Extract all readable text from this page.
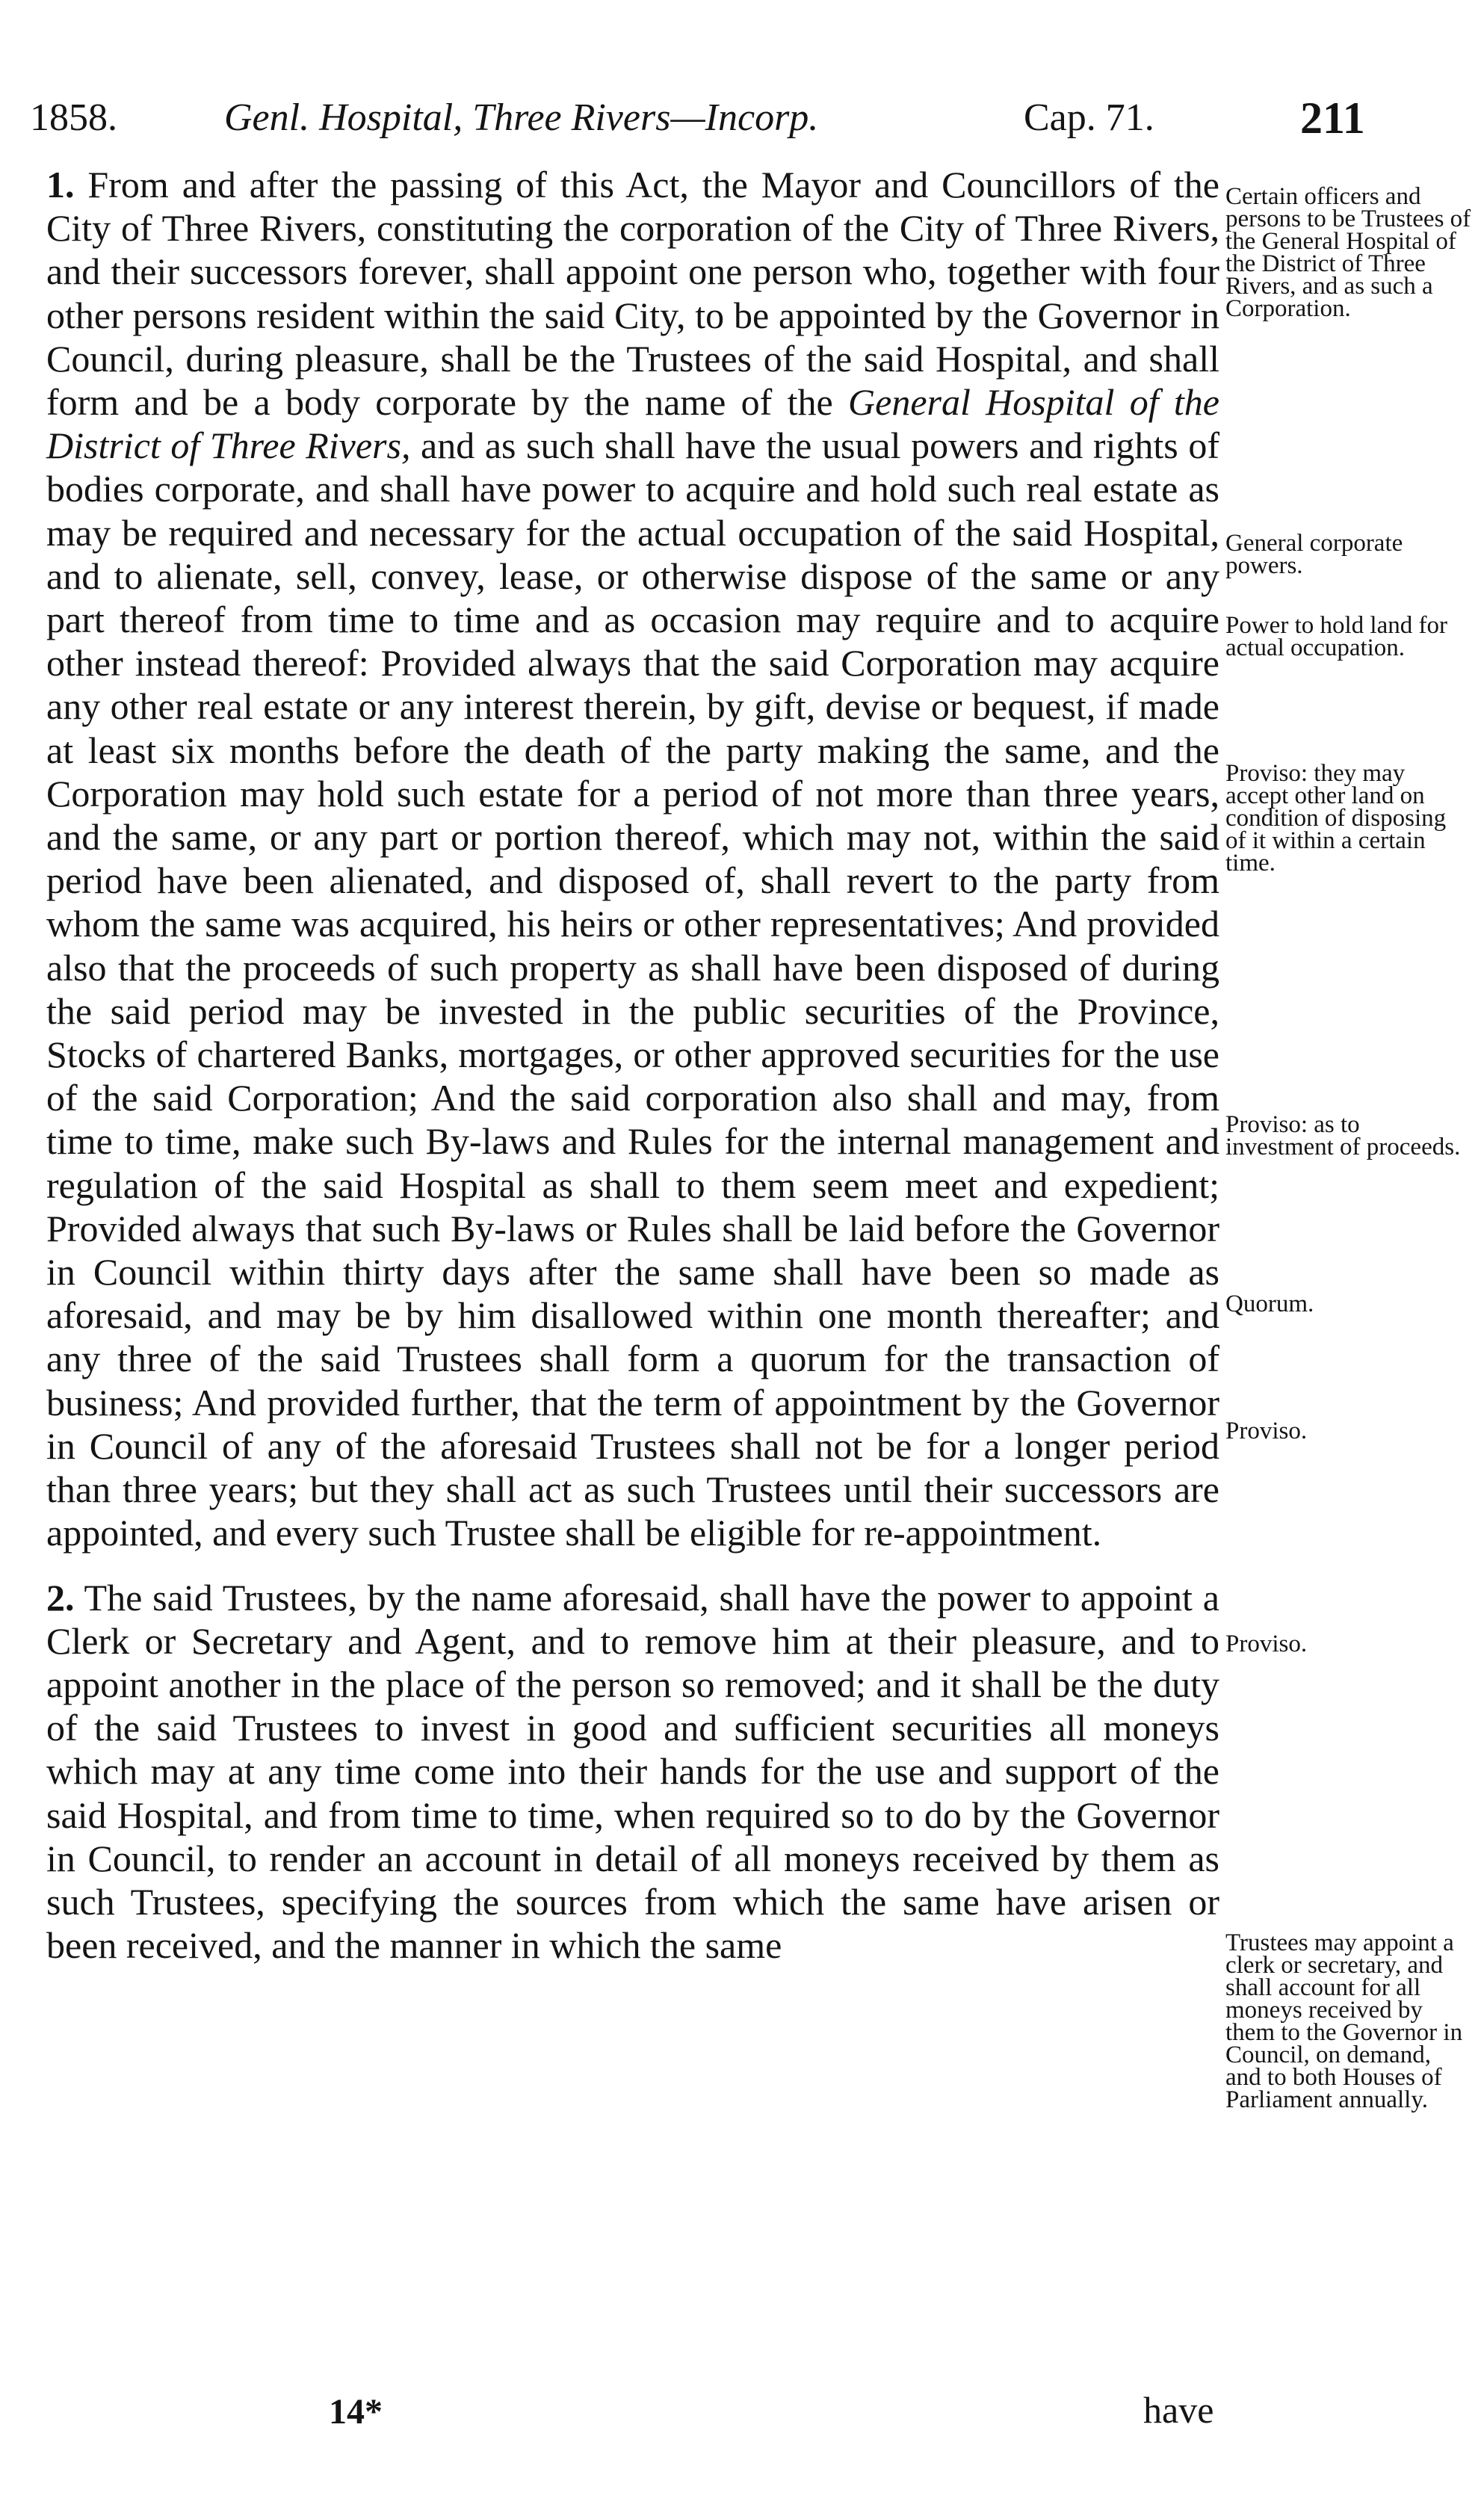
1858.	Genl. Hospital, Three Rivers—Incorp.	Cap. 71.	211

1. From and after the passing of this Act, the Mayor and Councillors of the City of Three Rivers, constituting the corporation of the City of Three Rivers, and their successors forever, shall appoint one person who, together with four other persons resident within the said City, to be appointed by the Governor in Council, during pleasure, shall be the Trustees of the said Hospital, and shall form and be a body corporate by the name of the General Hospital of the District of Three Rivers, and as such shall have the usual powers and rights of bodies corporate, and shall have power to acquire and hold such real estate as may be required and necessary for the actual occupation of the said Hospital, and to alienate, sell, convey, lease, or otherwise dispose of the same or any part thereof from time to time and as occasion may require and to acquire other instead thereof: Provided always that the said Corporation may acquire any other real estate or any interest therein, by gift, devise or bequest, if made at least six months before the death of the party making the same, and the Corporation may hold such estate for a period of not more than three years, and the same, or any part or portion thereof, which may not, within the said period have been alienated, and disposed of, shall revert to the party from whom the same was acquired, his heirs or other representatives; And provided also that the proceeds of such property as shall have been disposed of during the said period may be invested in the public securities of the Province, Stocks of chartered Banks, mortgages, or other approved securities for the use of the said Corporation; And the said corporation also shall and may, from time to time, make such By-laws and Rules for the internal management and regulation of the said Hospital as shall to them seem meet and expedient; Provided always that such By-laws or Rules shall be laid before the Governor in Council within thirty days after the same shall have been so made as aforesaid, and may be by him disallowed within one month thereafter; and any three of the said Trustees shall form a quorum for the transaction of business; And provided further, that the term of appointment by the Governor in Council of any of the aforesaid Trustees shall not be for a longer period than three years; but they shall act as such Trustees until their successors are appointed, and every such Trustee shall be eligible for re-appointment.

2. The said Trustees, by the name aforesaid, shall have the power to appoint a Clerk or Secretary and Agent, and to remove him at their pleasure, and to appoint another in the place of the person so removed; and it shall be the duty of the said Trustees to invest in good and sufficient securities all moneys which may at any time come into their hands for the use and support of the said Hospital, and from time to time, when required so to do by the Governor in Council, to render an account in detail of all moneys received by them as such Trustees, specifying the sources from which the same have arisen or been received, and the manner in which the same

Certain officers and persons to be Trustees of the General Hospital of the District of Three Rivers, and as such a Corporation.
General corporate powers.
Power to hold land for actual occupation.
Proviso: they may accept other land on condition of disposing of it within a certain time.
Proviso: as to investment of proceeds.
Quorum.
Proviso.
Proviso.
Trustees may appoint a clerk or secretary, and shall account for all moneys received by them to the Governor in Council, on demand, and to both Houses of Parliament annually.
14*	have
